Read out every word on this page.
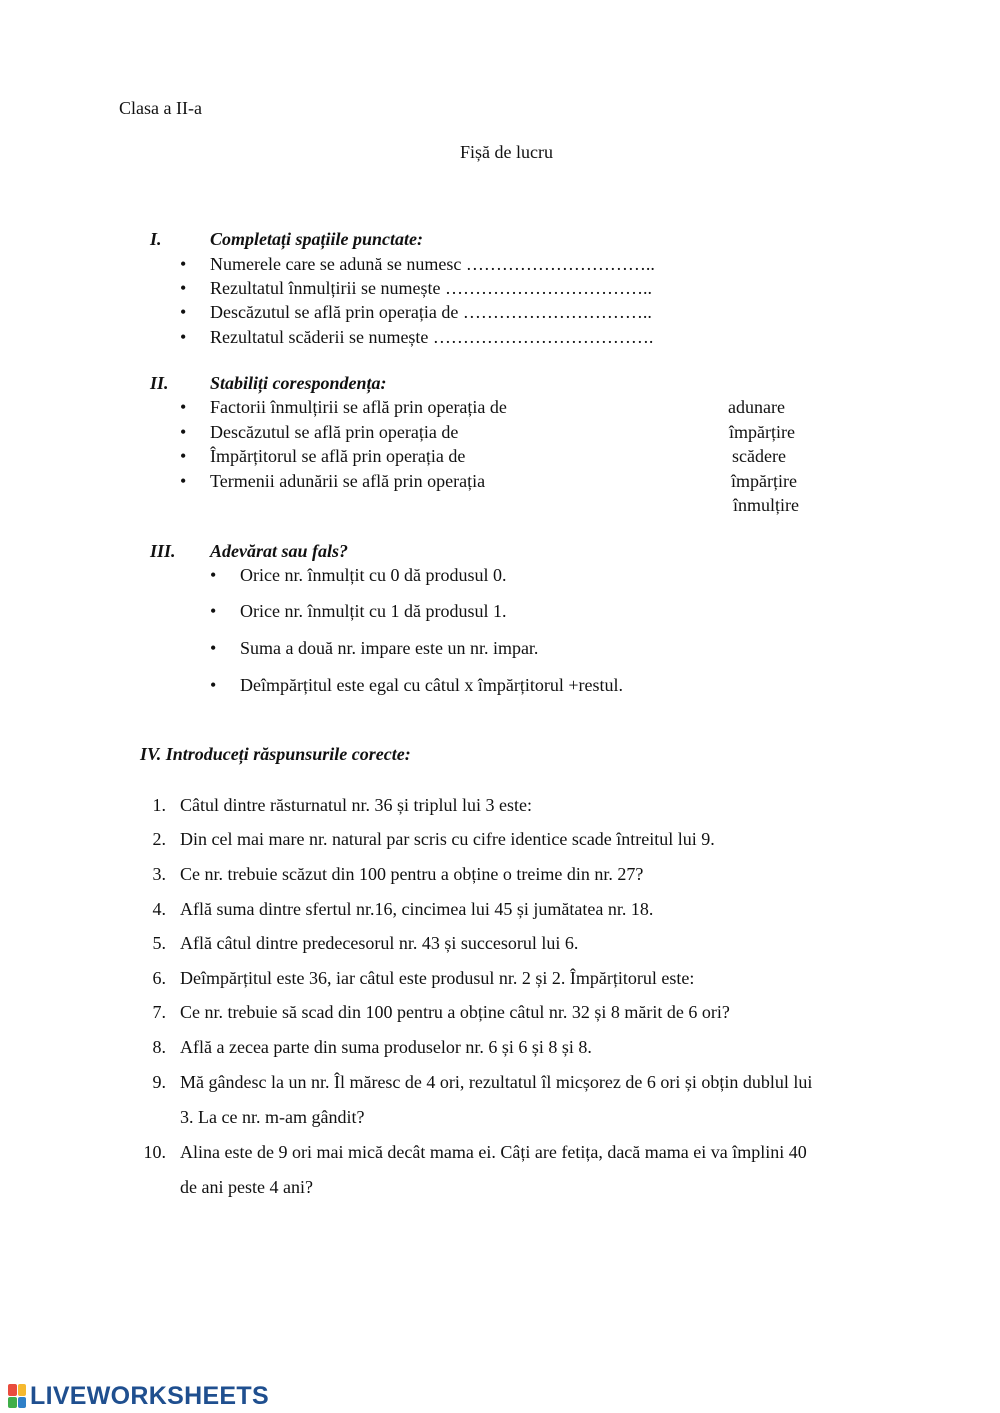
Clasa a II-a
Fișă de lucru
I.	Completați spațiile punctate:
• Numerele care se adună se numesc …………………………..
• Rezultatul înmulțirii se numește ……………………………..
• Descăzutul se află prin operația de …………………………..
• Rezultatul scăderii se numește ……………………………….
II. Stabiliți corespondența:
• Factorii înmulțirii se află prin operația de
• Descăzutul se află prin operația de
• Împărțitorul se află prin operația de
• Termenii adunării se află prin operația
adunare
împărțire
scădere
împărțire
înmulțire
III. Adevărat sau fals?
• Orice nr. înmulțit cu 0 dă produsul 0.
• Orice nr. înmulțit cu 1 dă produsul 1.
• Suma a două nr. impare este un nr. impar.
• Deîmpărțitul este egal cu câtul x împărțitorul +restul.
IV. Introduceți răspunsurile corecte:
1. Câtul dintre răsturnatul nr. 36 și triplul lui 3 este:
2. Din cel mai mare nr. natural par scris cu cifre identice scade întreitul lui 9.
3. Ce nr. trebuie scăzut din 100 pentru a obține o treime din nr. 27?
4. Află suma dintre sfertul nr.16, cincimea lui 45 și jumătatea nr. 18.
5. Află câtul dintre predecesorul nr. 43 și succesorul lui 6.
6. Deîmpărțitul este 36, iar câtul este produsul nr. 2 și 2. Împărțitorul este:
7. Ce nr. trebuie să scad din 100 pentru a obține câtul nr. 32 și 8 mărit de 6 ori?
8. Află a zecea parte din suma produselor nr. 6 și 6 și 8 și 8.
9. Mă gândesc la un nr. Îl măresc de 4 ori, rezultatul îl micșorez de 6 ori și obțin dublul lui
3. La ce nr. m-am gândit?
10. Alina este de 9 ori mai mică decât mama ei. Câți are fetița, dacă mama ei va împlini 40
de ani peste 4 ani?
LIVEWORKSHEETS
